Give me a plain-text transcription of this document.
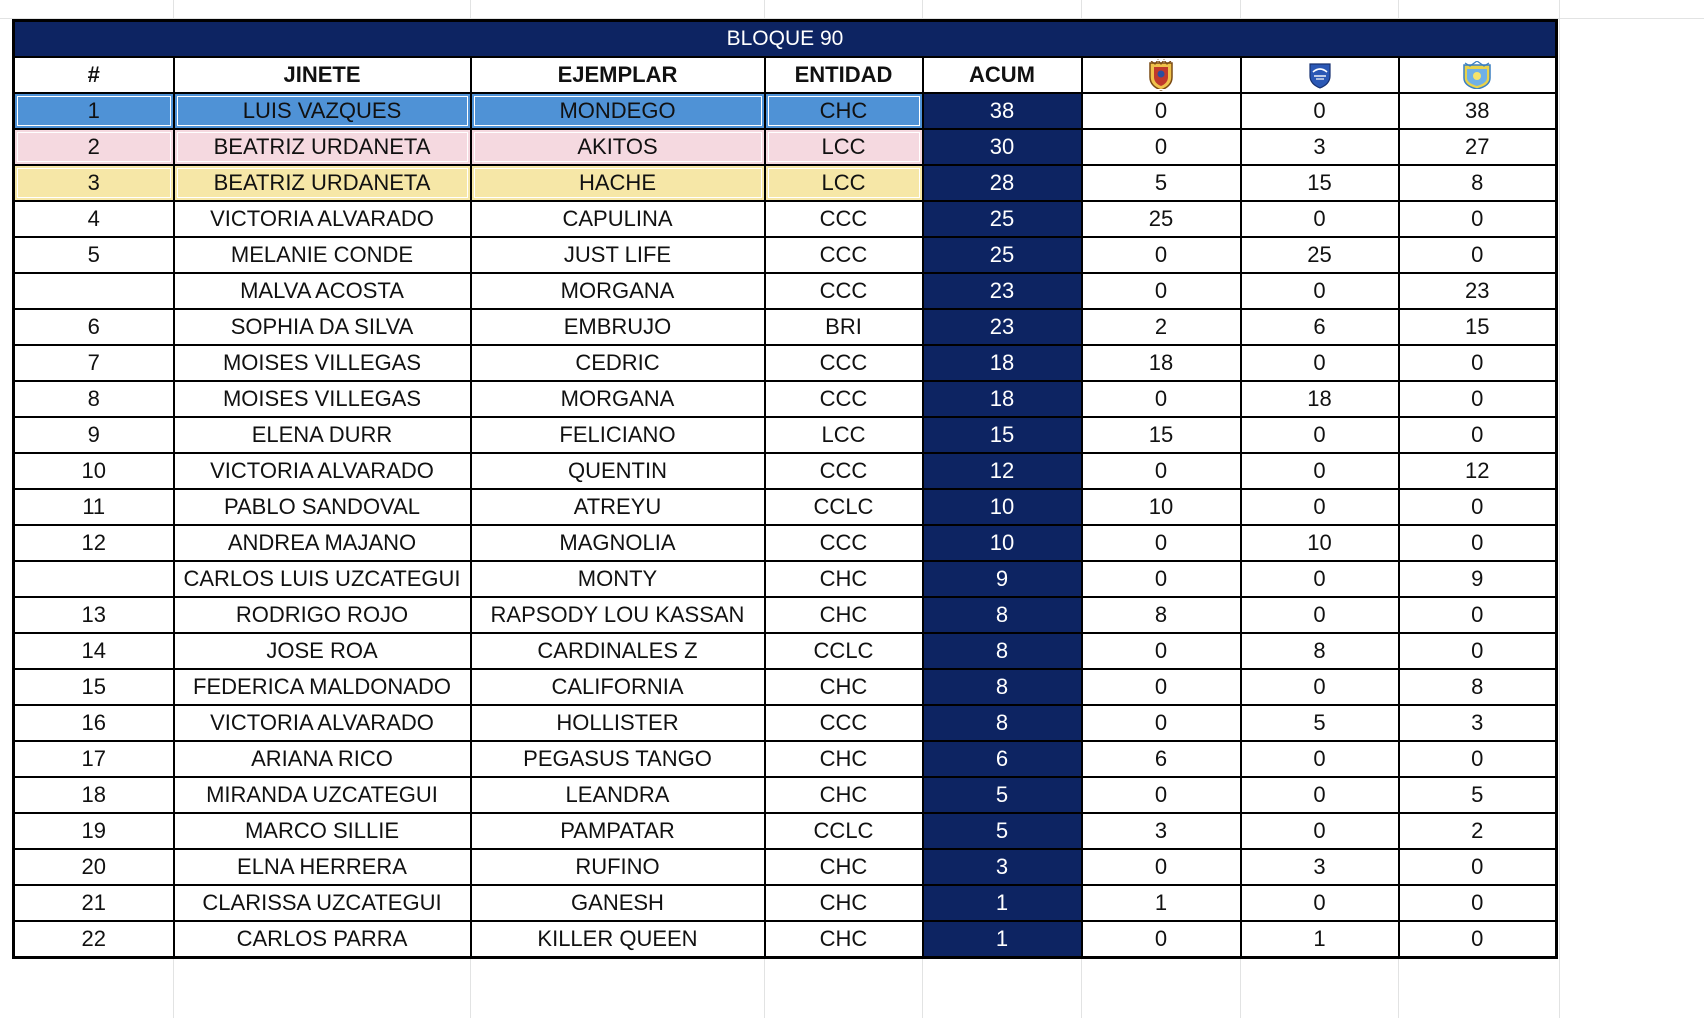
BLOQUE 90							
#	JINETE	EJEMPLAR	ENTIDAD	ACUM			
1	LUIS VAZQUES	MONDEGO	CHC	38	0	0	38
2	BEATRIZ URDANETA	AKITOS	LCC	30	0	3	27
3	BEATRIZ URDANETA	HACHE	LCC	28	5	15	8
4	VICTORIA ALVARADO	CAPULINA	CCC	25	25	0	0
5	MELANIE CONDE	JUST LIFE	CCC	25	0	25	0
	MALVA ACOSTA	MORGANA	CCC	23	0	0	23
6	SOPHIA DA SILVA	EMBRUJO	BRI	23	2	6	15
7	MOISES VILLEGAS	CEDRIC	CCC	18	18	0	0
8	MOISES VILLEGAS	MORGANA	CCC	18	0	18	0
9	ELENA DURR	FELICIANO	LCC	15	15	0	0
10	VICTORIA ALVARADO	QUENTIN	CCC	12	0	0	12
11	PABLO SANDOVAL	ATREYU	CCLC	10	10	0	0
12	ANDREA MAJANO	MAGNOLIA	CCC	10	0	10	0
	CARLOS LUIS UZCATEGUI	MONTY	CHC	9	0	0	9
13	RODRIGO ROJO	RAPSODY LOU KASSAN	CHC	8	8	0	0
14	JOSE ROA	CARDINALES Z	CCLC	8	0	8	0
15	FEDERICA MALDONADO	CALIFORNIA	CHC	8	0	0	8
16	VICTORIA ALVARADO	HOLLISTER	CCC	8	0	5	3
17	ARIANA RICO	PEGASUS TANGO	CHC	6	6	0	0
18	MIRANDA UZCATEGUI	LEANDRA	CHC	5	0	0	5
19	MARCO SILLIE	PAMPATAR	CCLC	5	3	0	2
20	ELNA HERRERA	RUFINO	CHC	3	0	3	0
21	CLARISSA UZCATEGUI	GANESH	CHC	1	1	0	0
22	CARLOS PARRA	KILLER QUEEN	CHC	1	0	1	0
